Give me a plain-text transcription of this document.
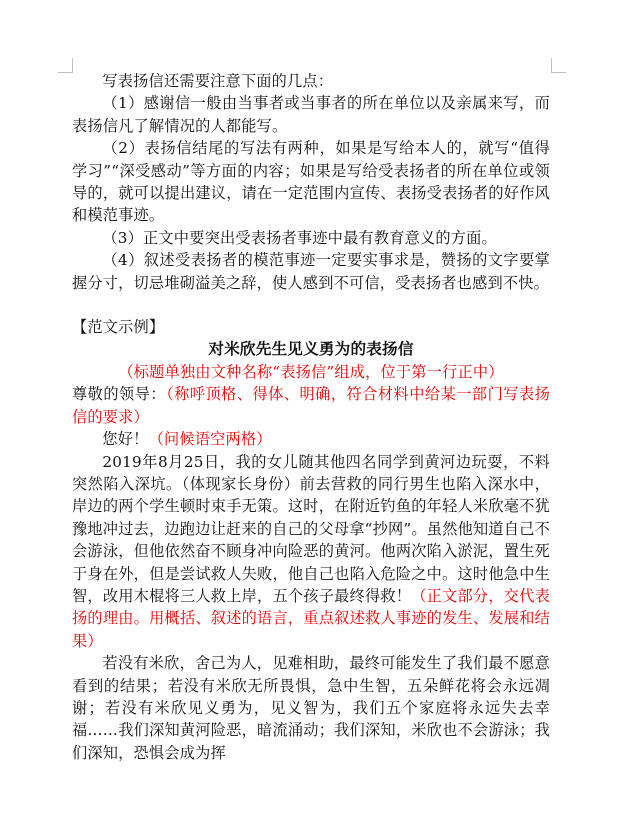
写表扬信还需要注意下面的几点：

（1）感谢信一般由当事者或当事者的所在单位以及亲属来写，而表扬信凡了解情况的人都能写。

（2）表扬信结尾的写法有两种，如果是写给本人的，就写“值得学习”“深受感动”等方面的内容；如果是写给受表扬者的所在单位或领导的，就可以提出建议，请在一定范围内宣传、表扬受表扬者的好作风和模范事迹。

（3）正文中要突出受表扬者事迹中最有教育意义的方面。

（4）叙述受表扬者的模范事迹一定要实事求是，赞扬的文字要掌握分寸，切忌堆砌溢美之辞，使人感到不可信，受表扬者也感到不快。

【范文示例】

对米欣先生见义勇为的表扬信

（标题单独由文种名称“表扬信”组成，位于第一行正中）

尊敬的领导：（称呼顶格、得体、明确，符合材料中给某一部门写表扬信的要求）

您好！（问候语空两格）

2019年8月25日，我的女儿随其他四名同学到黄河边玩耍，不料突然陷入深坑。（体现家长身份）前去营救的同行男生也陷入深水中，岸边的两个学生顿时束手无策。这时，在附近钓鱼的年轻人米欣毫不犹豫地冲过去，边跑边让赶来的自己的父母拿“抄网”。虽然他知道自己不会游泳，但他依然奋不顾身冲向险恶的黄河。他两次陷入淤泥，置生死于身在外，但是尝试救人失败，他自己也陷入危险之中。这时他急中生智，改用木棍将三人救上岸，五个孩子最终得救！（正文部分，交代表扬的理由。用概括、叙述的语言，重点叙述救人事迹的发生、发展和结果）

若没有米欣，舍己为人，见难相助，最终可能发生了我们最不愿意看到的结果；若没有米欣无所畏惧，急中生智，五朵鲜花将会永远凋谢；若没有米欣见义勇为，见义智为，我们五个家庭将永远失去幸福……我们深知黄河险恶，暗流涌动；我们深知，米欣也不会游泳；我们深知，恐惧会成为挥
